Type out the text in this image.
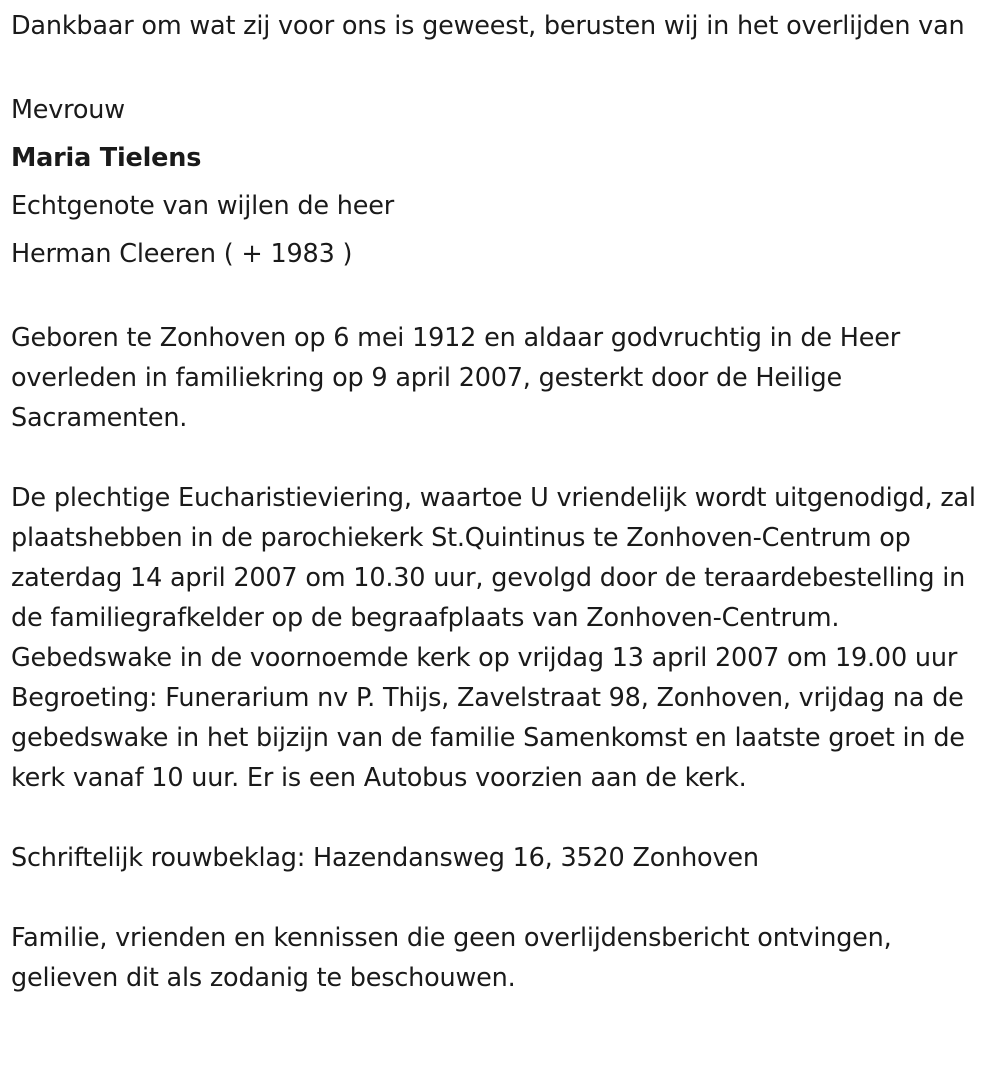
Dankbaar om wat zij voor ons is geweest, berusten wij in het overlijden van

Mevrouw
Maria Tielens
Echtgenote van wijlen de heer
Herman Cleeren ( + 1983 )

Geboren te Zonhoven op 6 mei 1912 en aldaar godvruchtig in de Heer overleden in familiekring op 9 april 2007, gesterkt door de Heilige Sacramenten.

De plechtige Eucharistieviering, waartoe U vriendelijk wordt uitgenodigd, zal plaatshebben in de parochiekerk St.Quintinus te Zonhoven-Centrum op zaterdag 14 april 2007 om 10.30 uur, gevolgd door de teraardebestelling in de familiegrafkelder op de begraafplaats van Zonhoven-Centrum. Gebedswake in de voornoemde kerk op vrijdag 13 april 2007 om 19.00 uur Begroeting: Funerarium nv P. Thijs, Zavelstraat 98, Zonhoven, vrijdag na de gebedswake in het bijzijn van de familie Samenkomst en laatste groet in de kerk vanaf 10 uur. Er is een Autobus voorzien aan de kerk.

Schriftelijk rouwbeklag: Hazendansweg 16, 3520 Zonhoven

Familie, vrienden en kennissen die geen overlijdensbericht ontvingen, gelieven dit als zodanig te beschouwen.
